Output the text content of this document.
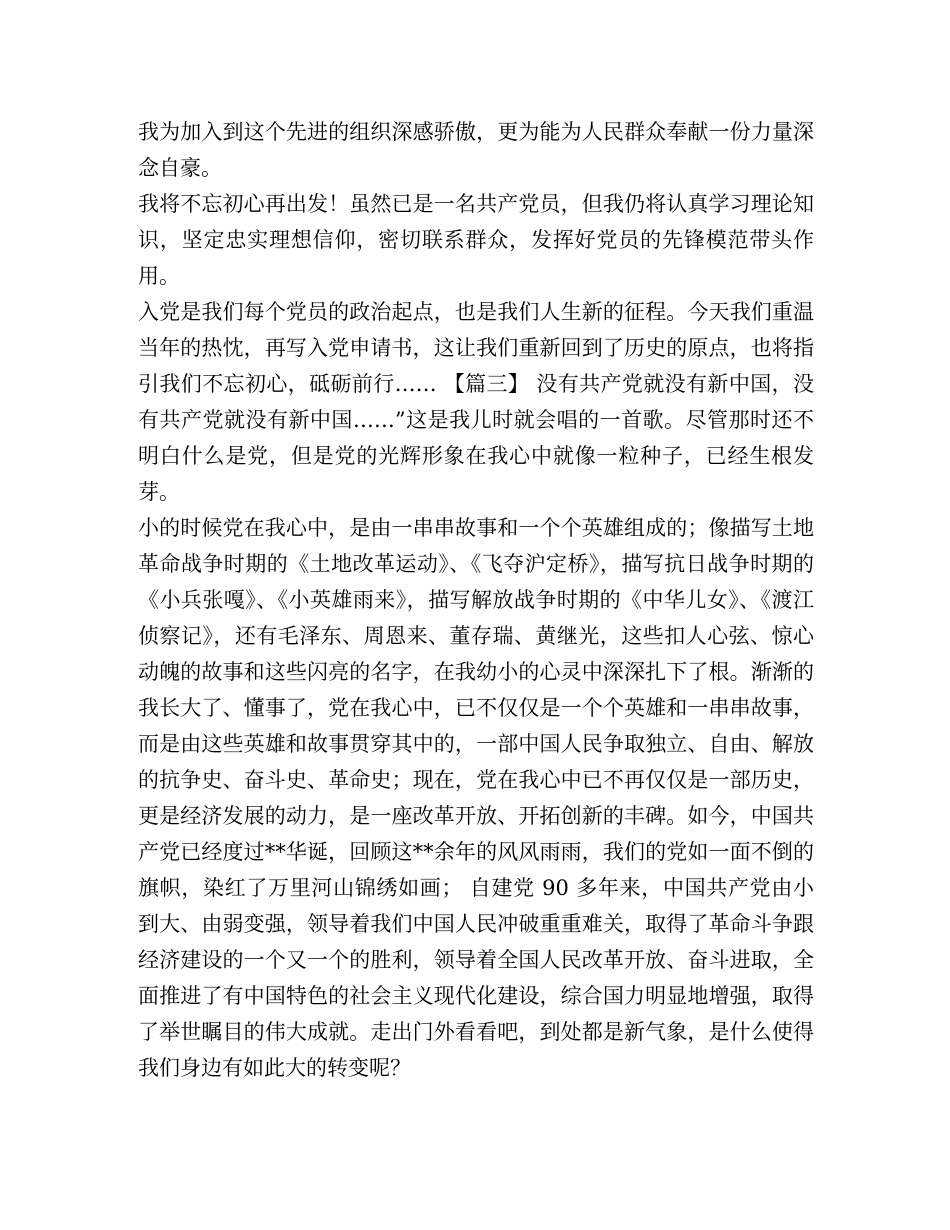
我为加入到这个先进的组织深感骄傲，更为能为人民群众奉献一份力量深念自豪。

我将不忘初心再出发！虽然已是一名共产党员，但我仍将认真学习理论知识，坚定忠实理想信仰，密切联系群众，发挥好党员的先锋模范带头作用。

入党是我们每个党员的政治起点，也是我们人生新的征程。今天我们重温当年的热忱，再写入党申请书，这让我们重新回到了历史的原点，也将指引我们不忘初心，砥砺前行…… 【篇三】 没有共产党就没有新中国，没有共产党就没有新中国……”这是我儿时就会唱的一首歌。尽管那时还不明白什么是党，但是党的光辉形象在我心中就像一粒种子，已经生根发芽。

小的时候党在我心中，是由一串串故事和一个个英雄组成的；像描写土地革命战争时期的《土地改革运动》、《飞夺沪定桥》，描写抗日战争时期的《小兵张嘎》、《小英雄雨来》，描写解放战争时期的《中华儿女》、《渡江侦察记》，还有毛泽东、周恩来、董存瑞、黄继光，这些扣人心弦、惊心动魄的故事和这些闪亮的名字，在我幼小的心灵中深深扎下了根。渐渐的我长大了、懂事了，党在我心中，已不仅仅是一个个英雄和一串串故事，而是由这些英雄和故事贯穿其中的，一部中国人民争取独立、自由、解放的抗争史、奋斗史、革命史；现在，党在我心中已不再仅仅是一部历史，更是经济发展的动力，是一座改革开放、开拓创新的丰碑。如今，中国共产党已经度过**华诞，回顾这**余年的风风雨雨，我们的党如一面不倒的旗帜，染红了万里河山锦绣如画； 自建党 90 多年来，中国共产党由小到大、由弱变强，领导着我们中国人民冲破重重难关，取得了革命斗争跟经济建设的一个又一个的胜利，领导着全国人民改革开放、奋斗进取，全面推进了有中国特色的社会主义现代化建设，综合国力明显地增强，取得了举世瞩目的伟大成就。走出门外看看吧，到处都是新气象，是什么使得我们身边有如此大的转变呢？
